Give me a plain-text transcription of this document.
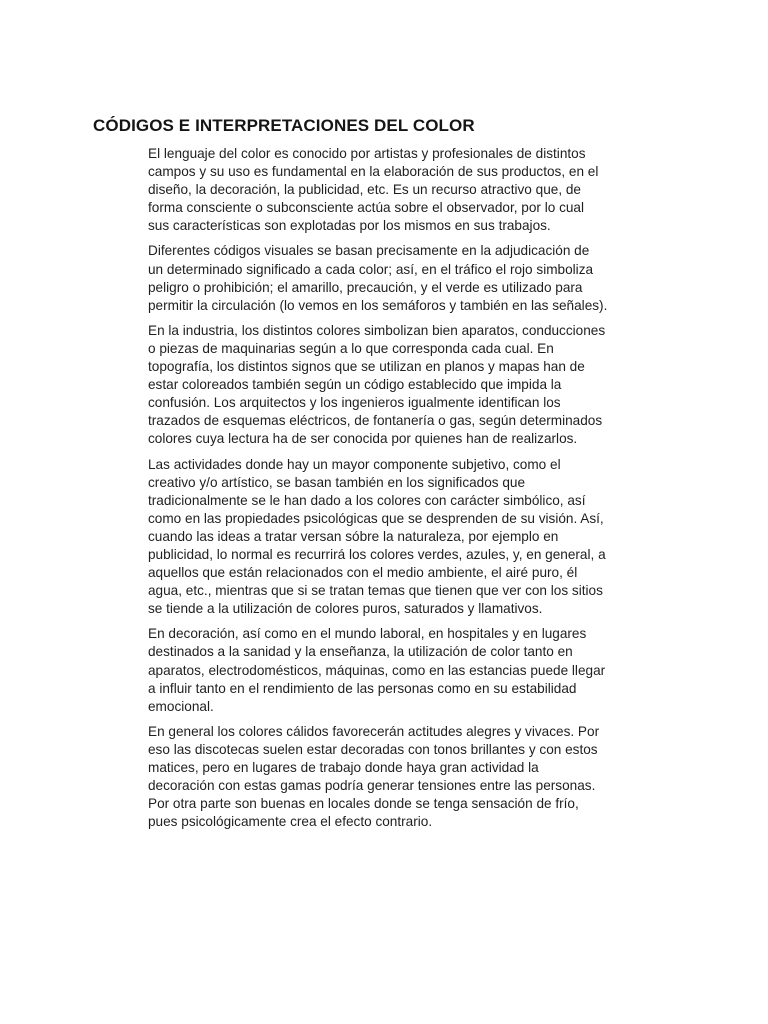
CÓDIGOS E INTERPRETACIONES DEL COLOR

El lenguaje del color es conocido por artistas y profesionales de distintos campos y su uso es fundamental en la elaboración de sus productos, en el diseño, la decoración, la publicidad, etc. Es un recurso atractivo que, de forma consciente o subconsciente actúa sobre el observador, por lo cual sus características son explotadas por los mismos en sus trabajos.

Diferentes códigos visuales se basan precisamente en la adjudicación de un determinado significado a cada color; así, en el tráfico el rojo simboliza peligro o prohibición; el amarillo, precaución, y el verde es utilizado para permitir la circulación (lo vemos en los semáforos y también en las señales).

En la industria, los distintos colores simbolizan bien aparatos, conducciones o piezas de maquinarias según a lo que corresponda cada cual. En topografía, los distintos signos que se utilizan en planos y mapas han de estar coloreados también según un código establecido que impida la confusión. Los arquitectos y los ingenieros igualmente identifican los trazados de esquemas eléctricos, de fontanería o gas, según determinados colores cuya lectura ha de ser conocida por quienes han de realizarlos.

Las actividades donde hay un mayor componente subjetivo, como el creativo y/o artístico, se basan también en los significados que tradicionalmente se le han dado a los colores con carácter simbólico, así como en las propiedades psicológicas que se desprenden de su visión. Así, cuando las ideas a tratar versan sóbre la naturaleza, por ejemplo en publicidad, lo normal es recurrirá los colores verdes, azules, y, en general, a aquellos que están relacionados con el medio ambiente, el airé puro, él agua, etc., mientras que si se tratan temas que tienen que ver con los sitios se tiende a la utilización de colores puros, saturados y llamativos.

En decoración, así como en el mundo laboral, en hospitales y en lugares destinados a la sanidad y la enseñanza, la utilización de color tanto en aparatos, electrodomésticos, máquinas, como en las estancias puede llegar a influir tanto en el rendimiento de las personas como en su estabilidad emocional.

En general los colores cálidos favorecerán actitudes alegres y vivaces. Por eso las discotecas suelen estar decoradas con tonos brillantes y con estos matices, pero en lugares de trabajo donde haya gran actividad la decoración con estas gamas podría generar tensiones entre las personas. Por otra parte son buenas en locales donde se tenga sensación de frío, pues psicológicamente crea el efecto contrario.
